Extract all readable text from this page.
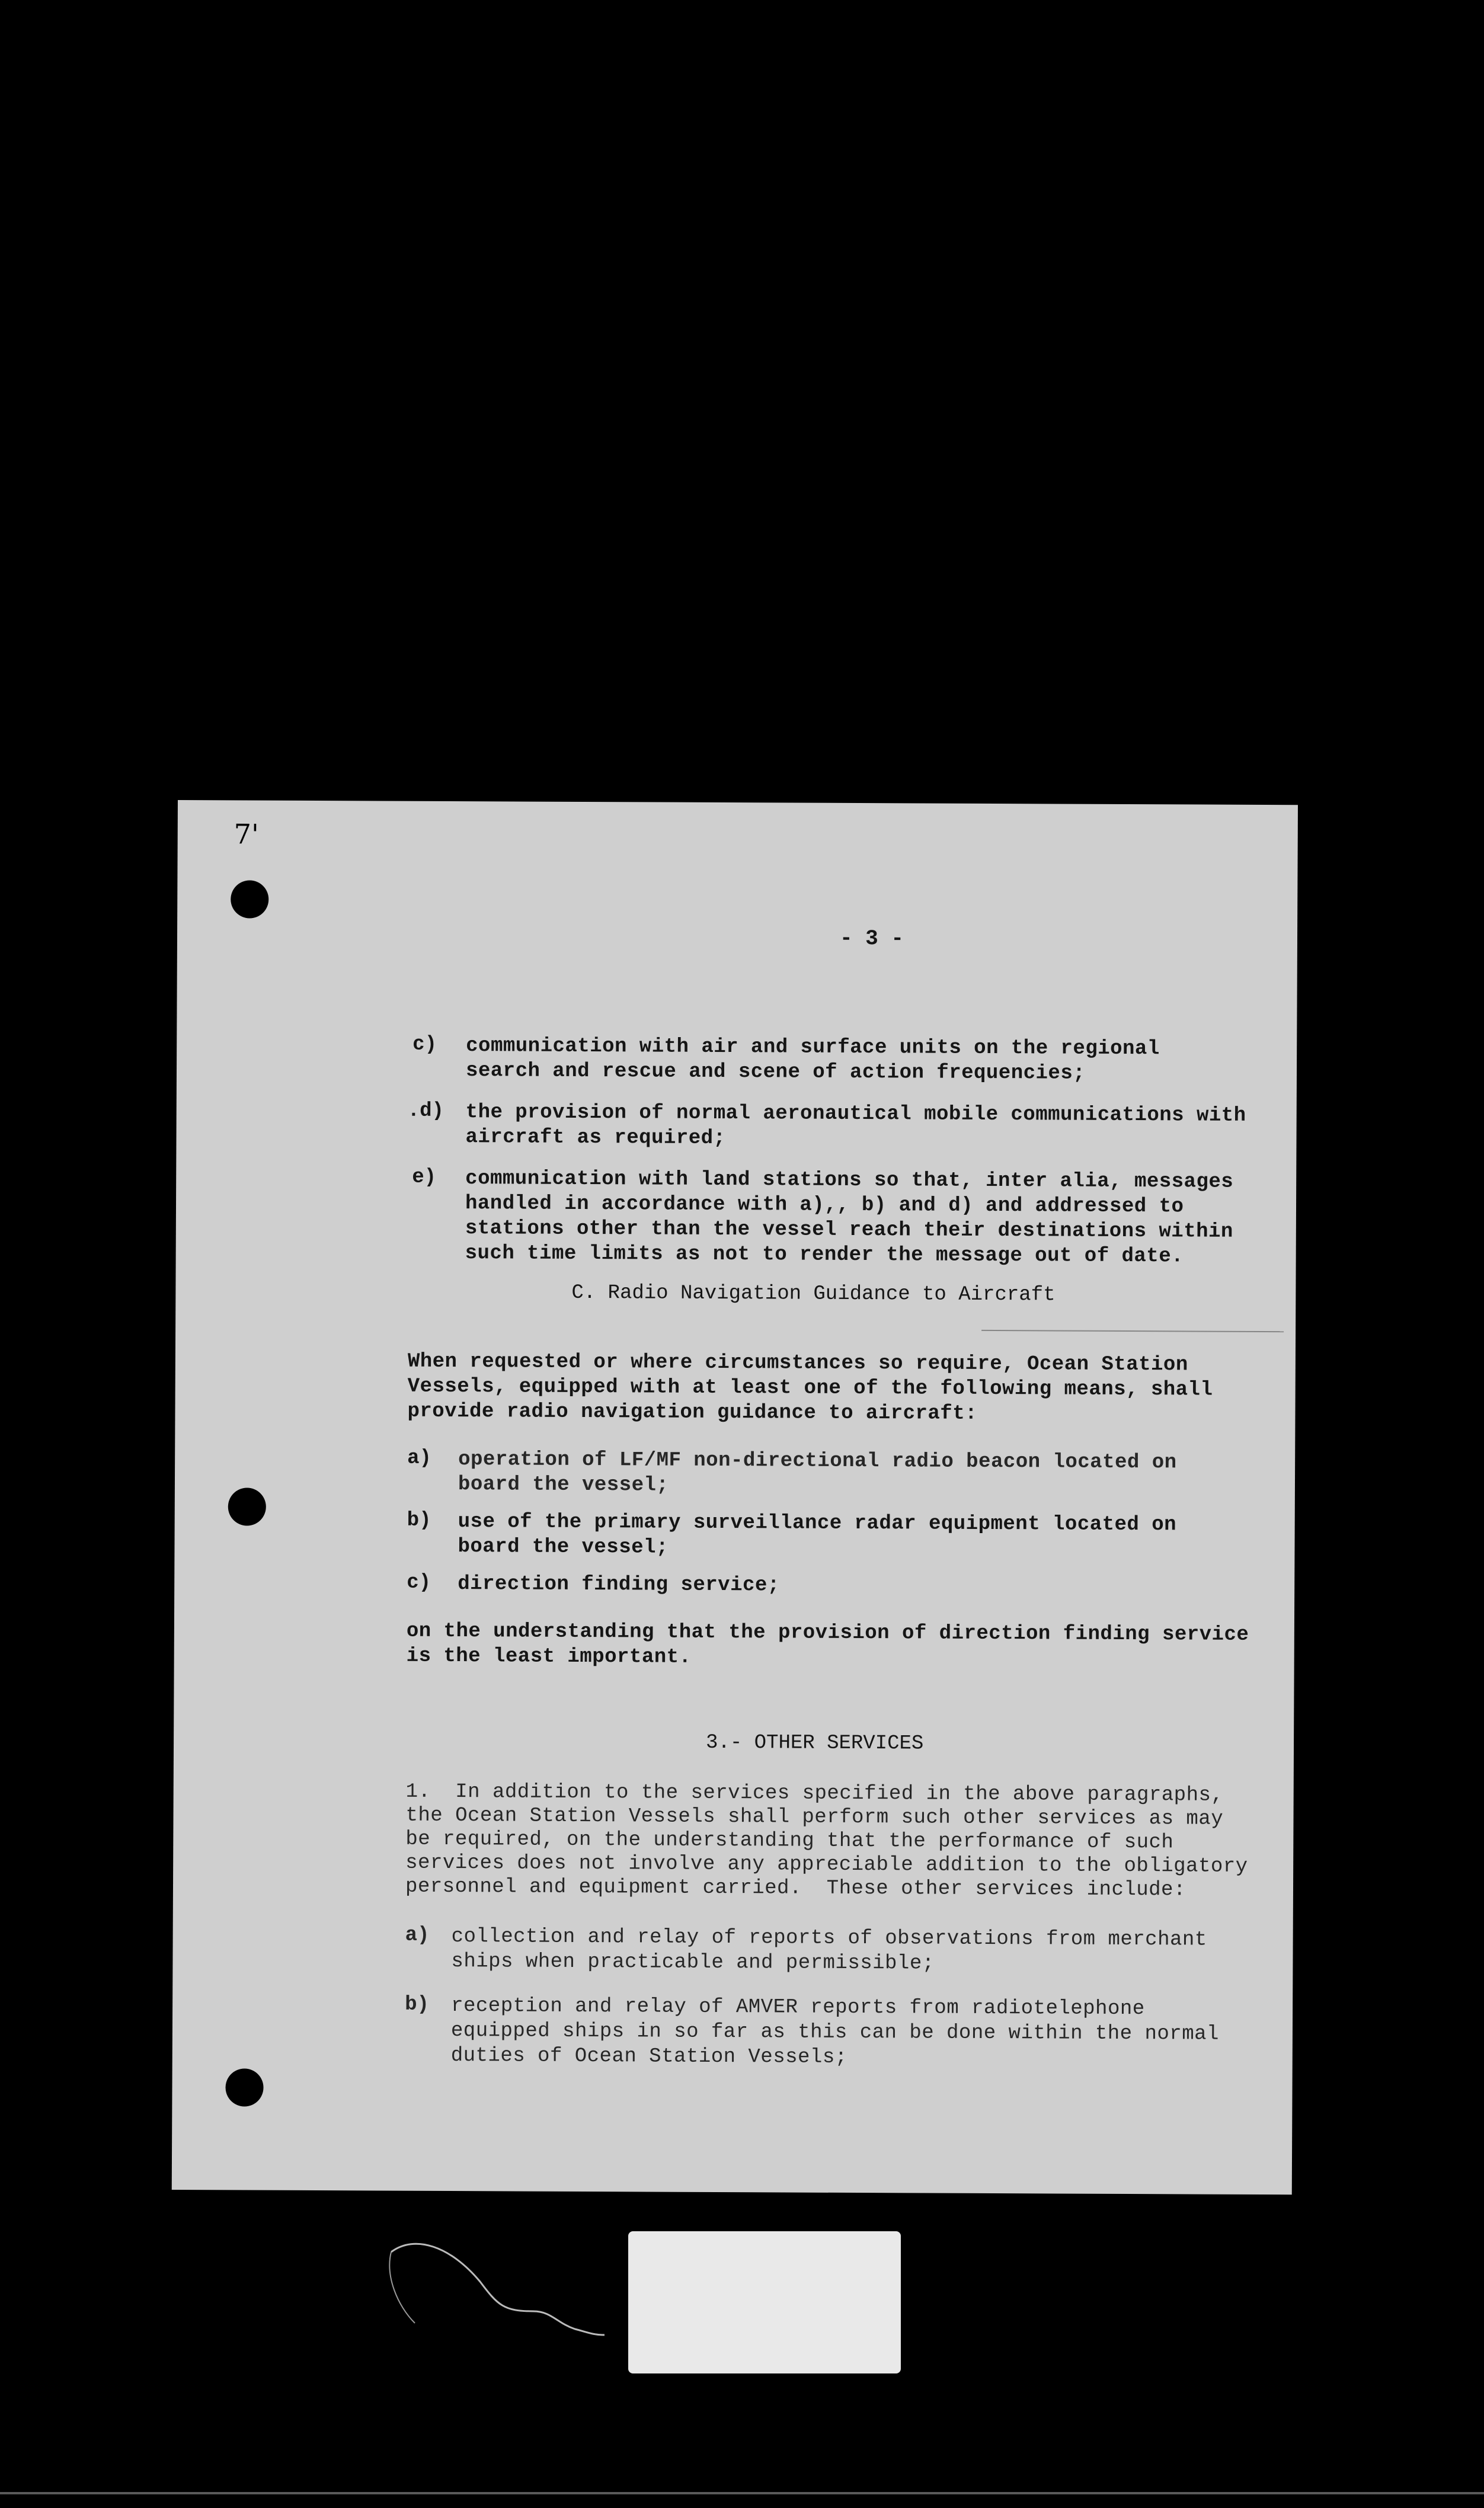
7'
- 3 -
c) communication with air and surface units on the regional
search and rescue and scene of action frequencies;
.d) the provision of normal aeronautical mobile communications with
aircraft as required;
e) communication with land stations so that, inter alia, messages
handled in accordance with a),, b) and d) and addressed to
stations other than the vessel reach their destinations within
such time limits as not to render the message out of date.
C. Radio Navigation Guidance to Aircraft
When requested or where circumstances so require, Ocean Station
Vessels, equipped with at least one of the following means, shall
provide radio navigation guidance to aircraft:
a) operation of LF/MF non-directional radio beacon located on
board the vessel;
b) use of the primary surveillance radar equipment located on
board the vessel;
c) direction finding service;
on the understanding that the provision of direction finding service
is the least important.
3.- OTHER SERVICES
1.  In addition to the services specified in the above paragraphs,
the Ocean Station Vessels shall perform such other services as may
be required, on the understanding that the performance of such
services does not involve any appreciable addition to the obligatory
personnel and equipment carried.  These other services include:
a) collection and relay of reports of observations from merchant
ships when practicable and permissible;
b) reception and relay of AMVER reports from radiotelephone
equipped ships in so far as this can be done within the normal
duties of Ocean Station Vessels;
